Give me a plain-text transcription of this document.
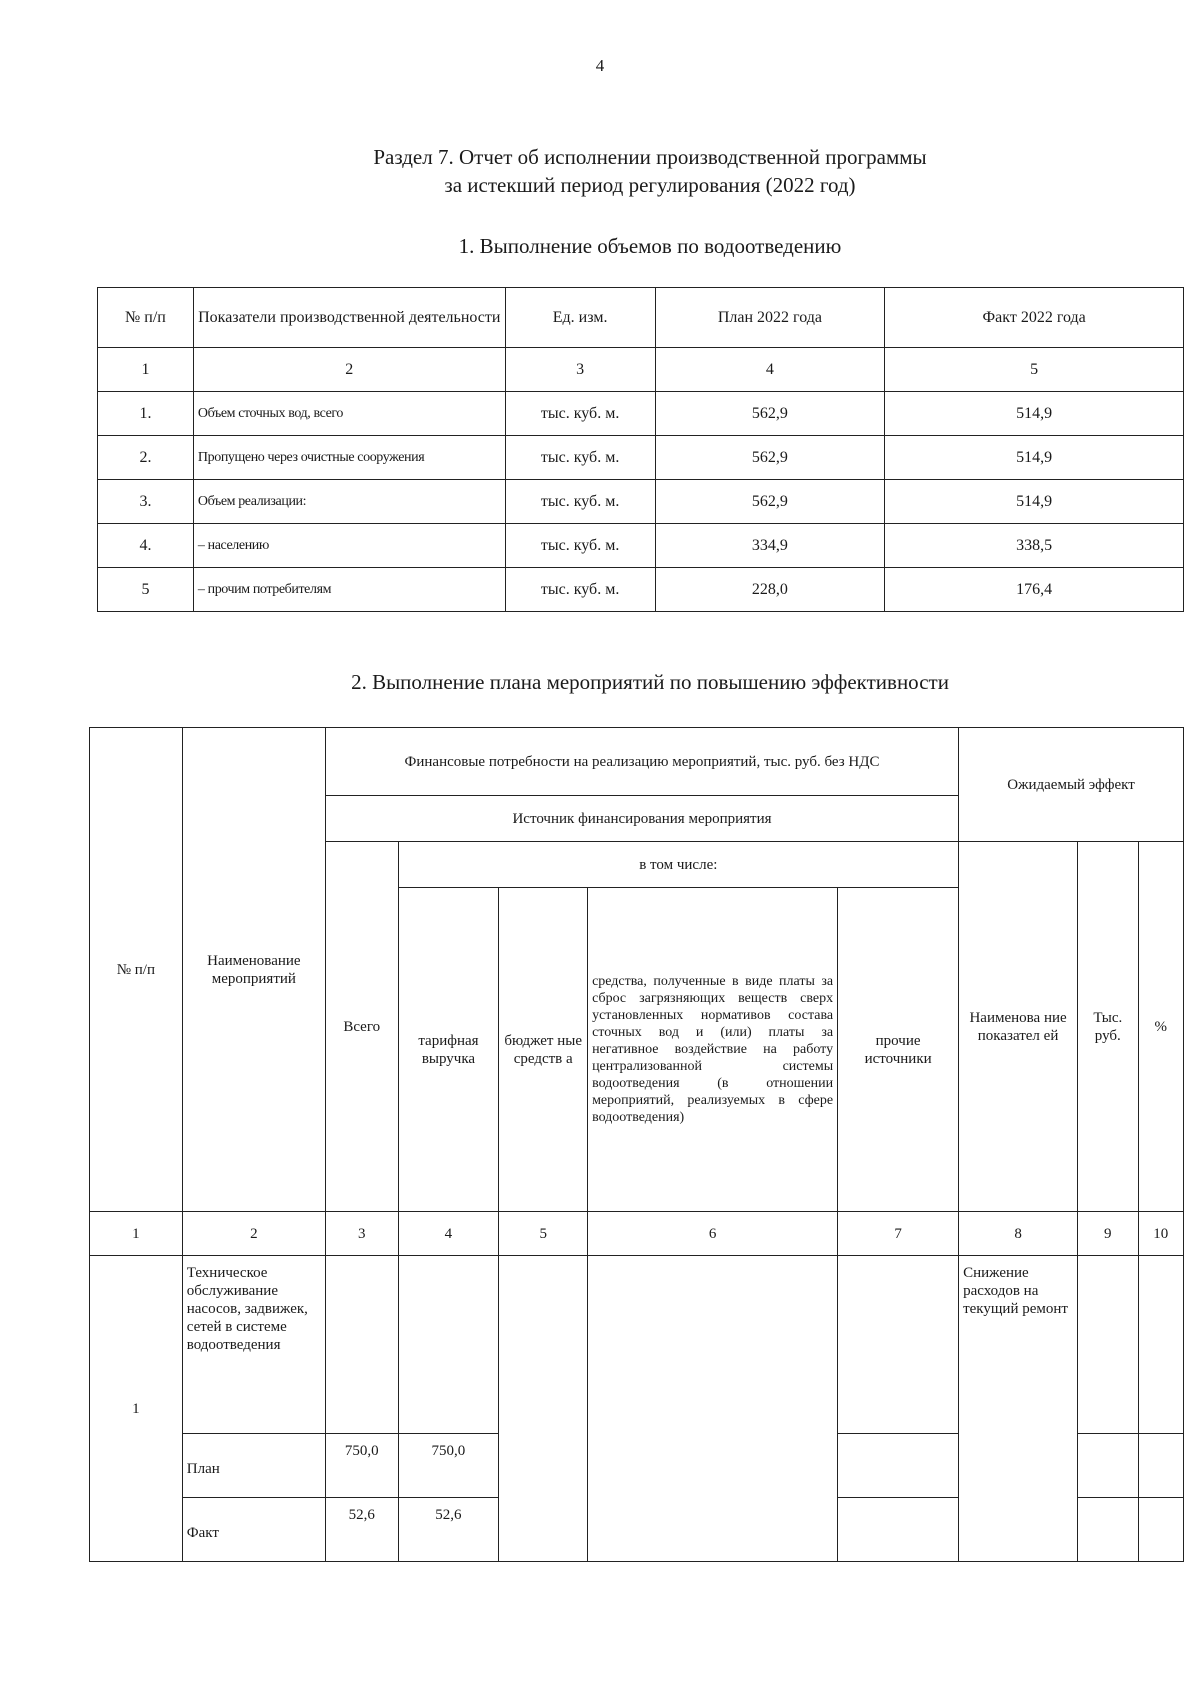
4
Раздел 7. Отчет об исполнении производственной программы
за истекший период регулирования (2022 год)
1. Выполнение объемов по водоотведению
№ п/п	Показатели производственной деятельности	Ед. изм.	План 2022 года	Факт 2022 года
1	2	3	4	5
1.	Объем сточных вод, всего	тыс. куб. м.	562,9	514,9
2.	Пропущено через очистные сооружения	тыс. куб. м.	562,9	514,9
3.	Объем реализации:	тыс. куб. м.	562,9	514,9
4.	– населению	тыс. куб. м.	334,9	338,5
5	– прочим потребителям	тыс. куб. м.	228,0	176,4
2. Выполнение плана мероприятий по повышению эффективности
№ п/п	Наименование мероприятий	Финансовые потребности на реализацию мероприятий, тыс. руб. без НДС					Ожидаемый эффект		
		Источник финансирования мероприятия							
		Всего	в том числе:				Наименова ние показател ей	Тыс. руб.	%
			тарифная выручка	бюджет ные средств а	средства, полученные в виде платы за сброс загрязняющих веществ сверх установленных нормативов состава сточных вод и (или) платы за негативное воздействие на работу централизованной системы водоотведения (в отношении мероприятий, реализуемых в сфере водоотведения)	прочие источники			
1	2	3	4	5	6	7	8	9	10
1	Техническое обслуживание насосов, задвижек, сетей в системе водоотведения						Снижение расходов на текущий ремонт		
	План	750,0	750,0						
	Факт	52,6	52,6						
